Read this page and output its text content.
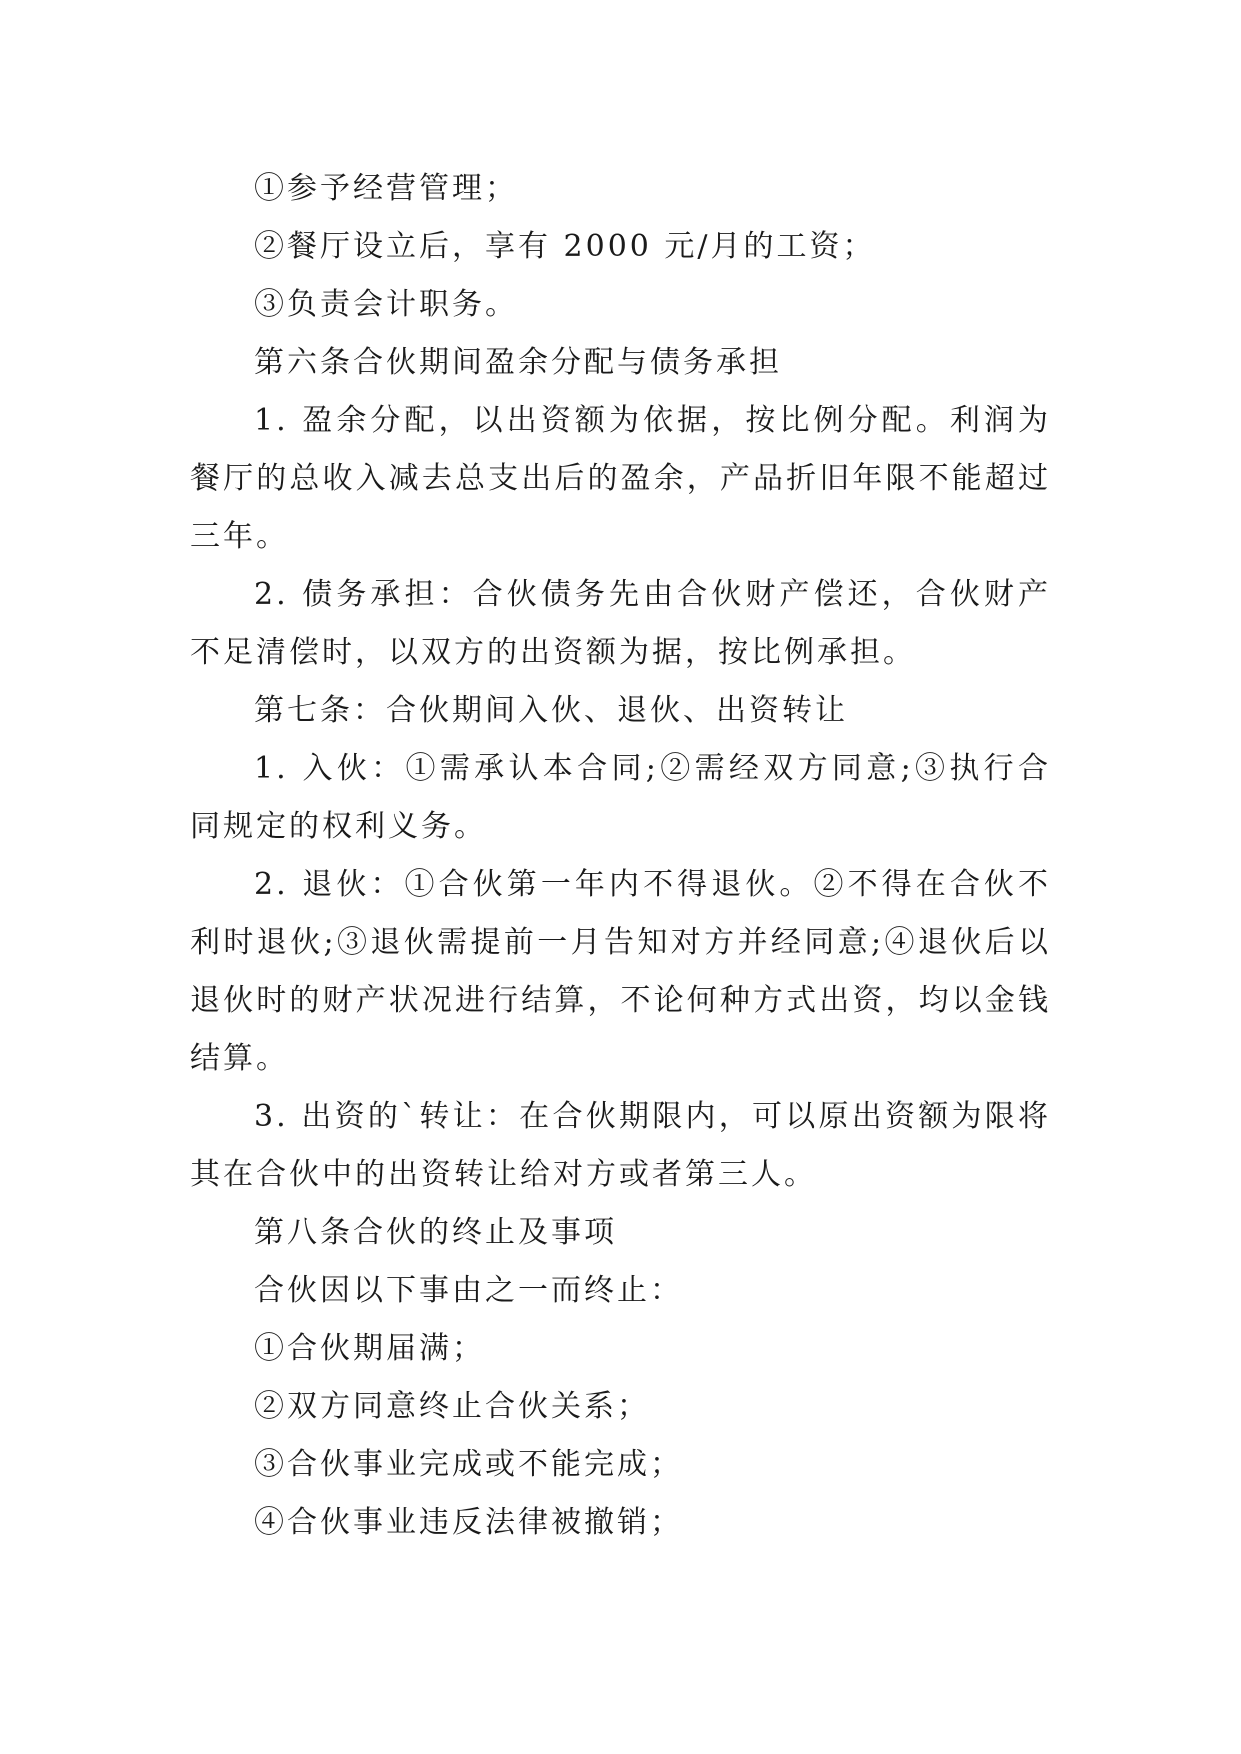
①参予经营管理；

②餐厅设立后，享有 2000 元/月的工资；

③负责会计职务。

第六条合伙期间盈余分配与债务承担

1. 盈余分配，以出资额为依据，按比例分配。利润为餐厅的总收入减去总支出后的盈余，产品折旧年限不能超过三年。

2. 债务承担：合伙债务先由合伙财产偿还，合伙财产不足清偿时，以双方的出资额为据，按比例承担。

第七条：合伙期间入伙、退伙、出资转让

1. 入伙：①需承认本合同;②需经双方同意;③执行合同规定的权利义务。

2. 退伙：①合伙第一年内不得退伙。②不得在合伙不利时退伙;③退伙需提前一月告知对方并经同意;④退伙后以退伙时的财产状况进行结算，不论何种方式出资，均以金钱结算。

3. 出资的`转让：在合伙期限内，可以原出资额为限将其在合伙中的出资转让给对方或者第三人。

第八条合伙的终止及事项

合伙因以下事由之一而终止：

①合伙期届满；

②双方同意终止合伙关系；

③合伙事业完成或不能完成；

④合伙事业违反法律被撤销；
